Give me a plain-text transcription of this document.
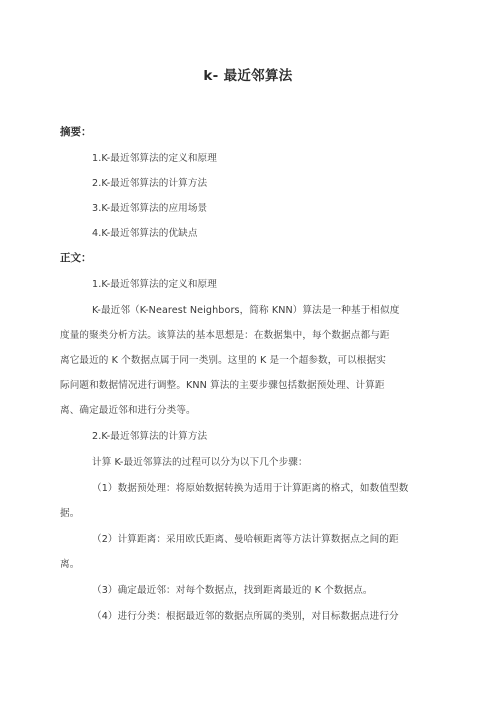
k- 最近邻算法
摘要：
1.K-最近邻算法的定义和原理
2.K-最近邻算法的计算方法
3.K-最近邻算法的应用场景
4.K-最近邻算法的优缺点
正文：
1.K-最近邻算法的定义和原理
K-最近邻（K-Nearest Neighbors，简称 KNN）算法是一种基于相似度
度量的聚类分析方法。该算法的基本思想是：在数据集中，每个数据点都与距
离它最近的 K 个数据点属于同一类别。这里的 K 是一个超参数，可以根据实
际问题和数据情况进行调整。KNN 算法的主要步骤包括数据预处理、计算距
离、确定最近邻和进行分类等。
2.K-最近邻算法的计算方法
计算 K-最近邻算法的过程可以分为以下几个步骤：
（1）数据预处理：将原始数据转换为适用于计算距离的格式，如数值型数
据。
（2）计算距离：采用欧氏距离、曼哈顿距离等方法计算数据点之间的距
离。
（3）确定最近邻：对每个数据点，找到距离最近的 K 个数据点。
（4）进行分类：根据最近邻的数据点所属的类别，对目标数据点进行分
